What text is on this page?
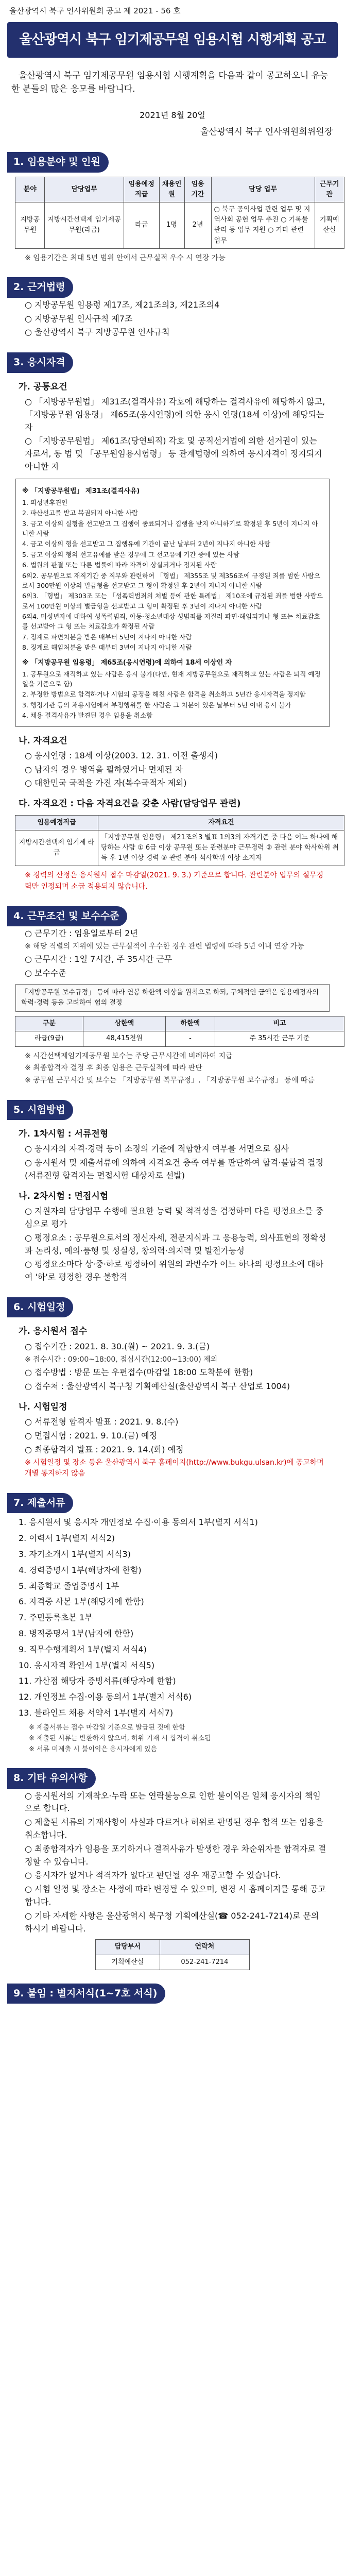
울산광역시 북구 인사위원회 공고 제 2021 - 56 호
울산광역시 북구 임기제공무원 임용시험 시행계획 공고

울산광역시 북구 임기제공무원 임용시험 시행계획을 다음과 같이 공고하오니 유능한 분들의 많은 응모를 바랍니다.

2021년 8월 20일
울산광역시 북구 인사위원회위원장
1. 임용분야 및 인원
분야	담당업무	임용예정 직급	채용인원	임용 기간	담당 업무	근무기관
지방공무원	지방시간선택제 임기제공무원(라급)	라급	1명	2년	○ 북구 공익사업 관련 업무 및 지역사회 공헌 업무 추진 ○ 기록물 관리 등 업무 지원 ○ 기타 관련 업무	기획예산실
※ 임용기간은 최대 5년 범위 안에서 근무실적 우수 시 연장 가능
2. 근거법령
○ 지방공무원 임용령 제17조, 제21조의3, 제21조의4
○ 지방공무원 인사규칙 제7조
○ 울산광역시 북구 지방공무원 인사규칙
3. 응시자격
가. 공통요건
○ 「지방공무원법」 제31조(결격사유) 각호에 해당하는 결격사유에 해당하지 않고, 「지방공무원 임용령」 제65조(응시연령)에 의한 응시 연령(18세 이상)에 해당되는 자
○ 「지방공무원법」 제61조(당연퇴직) 각호 및 공직선거법에 의한 선거권이 있는 자로서, 동 법 및 「공무원임용시험령」 등 관계법령에 의하여 응시자격이 정지되지 아니한 자
※ 「지방공무원법」 제31조(결격사유)
1. 피성년후견인
2. 파산선고를 받고 복권되지 아니한 사람
3. 금고 이상의 실형을 선고받고 그 집행이 종료되거나 집행을 받지 아니하기로 확정된 후 5년이 지나지 아니한 사람
4. 금고 이상의 형을 선고받고 그 집행유예 기간이 끝난 날부터 2년이 지나지 아니한 사람
5. 금고 이상의 형의 선고유예를 받은 경우에 그 선고유예 기간 중에 있는 사람
6. 법원의 판결 또는 다른 법률에 따라 자격이 상실되거나 정지된 사람
6의2. 공무원으로 재직기간 중 직무와 관련하여 「형법」 제355조 및 제356조에 규정된 죄를 범한 사람으로서 300만원 이상의 벌금형을 선고받고 그 형이 확정된 후 2년이 지나지 아니한 사람
6의3. 「형법」 제303조 또는 「성폭력범죄의 처벌 등에 관한 특례법」 제10조에 규정된 죄를 범한 사람으로서 100만원 이상의 벌금형을 선고받고 그 형이 확정된 후 3년이 지나지 아니한 사람
6의4. 미성년자에 대하여 성폭력범죄, 아동·청소년대상 성범죄를 저질러 파면·해임되거나 형 또는 치료감호를 선고받아 그 형 또는 치료감호가 확정된 사람
7. 징계로 파면처분을 받은 때부터 5년이 지나지 아니한 사람
8. 징계로 해임처분을 받은 때부터 3년이 지나지 아니한 사람
※ 「지방공무원 임용령」 제65조(응시연령)에 의하여 18세 이상인 자
1. 공무원으로 재직하고 있는 사람은 응시 불가(다만, 현재 지방공무원으로 재직하고 있는 사람은 퇴직 예정일을 기준으로 함)
2. 부정한 방법으로 합격하거나 시험의 공정을 해친 사람은 합격을 취소하고 5년간 응시자격을 정지함
3. 행정기관 등의 채용시험에서 부정행위를 한 사람은 그 처분이 있은 날부터 5년 이내 응시 불가
4. 채용 결격사유가 발견된 경우 임용을 취소함
나. 자격요건
○ 응시연령 : 18세 이상(2003. 12. 31. 이전 출생자)
○ 남자의 경우 병역을 필하였거나 면제된 자
○ 대한민국 국적을 가진 자(복수국적자 제외)
다. 자격요건 : 다음 자격요건을 갖춘 사람(담당업무 관련)
임용예정직급	자격요건
지방시간선택제 임기제 라급	「지방공무원 임용령」 제21조의3 별표 1의3의 자격기준 중 다음 어느 하나에 해당하는 사람 ① 6급 이상 공무원 또는 관련분야 근무경력 ② 관련 분야 학사학위 취득 후 1년 이상 경력 ③ 관련 분야 석사학위 이상 소지자
※ 경력의 산정은 응시원서 접수 마감일(2021. 9. 3.) 기준으로 합니다. 관련분야 업무의 실무경력만 인정되며 소급 적용되지 않습니다.
4. 근무조건 및 보수수준
○ 근무기간 : 임용일로부터 2년
※ 해당 직렬의 지위에 있는 근무실적이 우수한 경우 관련 법령에 따라 5년 이내 연장 가능
○ 근무시간 : 1일 7시간, 주 35시간 근무
○ 보수수준
「지방공무원 보수규정」 등에 따라 연봉 하한액 이상을 원칙으로 하되, 구체적인 금액은 임용예정자의 학력·경력 등을 고려하여 협의 결정
구분	상한액	하한액	비고
라급(9급)	48,415천원	-	주 35시간 근무 기준
※ 시간선택제임기제공무원 보수는 주당 근무시간에 비례하여 지급
※ 최종합격자 결정 후 최종 임용은 근무실적에 따라 판단
※ 공무원 근무시간 및 보수는 「지방공무원 복무규정」, 「지방공무원 보수규정」 등에 따름
5. 시험방법
가. 1차시험 : 서류전형
○ 응시자의 자격·경력 등이 소정의 기준에 적합한지 여부를 서면으로 심사
○ 응시원서 및 제출서류에 의하여 자격요건 충족 여부를 판단하여 합격·불합격 결정(서류전형 합격자는 면접시험 대상자로 선발)
나. 2차시험 : 면접시험
○ 지원자의 담당업무 수행에 필요한 능력 및 적격성을 검정하며 다음 평정요소를 중심으로 평가
○ 평정요소 : 공무원으로서의 정신자세, 전문지식과 그 응용능력, 의사표현의 정확성과 논리성, 예의·품행 및 성실성, 창의력·의지력 및 발전가능성
○ 평정요소마다 상·중·하로 평정하여 위원의 과반수가 어느 하나의 평정요소에 대하여 '하'로 평정한 경우 불합격
6. 시험일정
가. 응시원서 접수
○ 접수기간 : 2021. 8. 30.(월) ~ 2021. 9. 3.(금)
※ 접수시간 : 09:00~18:00, 점심시간(12:00~13:00) 제외
○ 접수방법 : 방문 또는 우편접수(마감일 18:00 도착분에 한함)
○ 접수처 : 울산광역시 북구청 기획예산실(울산광역시 북구 산업로 1004)
나. 시험일정
○ 서류전형 합격자 발표 : 2021. 9. 8.(수)
○ 면접시험 : 2021. 9. 10.(금) 예정
○ 최종합격자 발표 : 2021. 9. 14.(화) 예정
※ 시험일정 및 장소 등은 울산광역시 북구 홈페이지(http://www.bukgu.ulsan.kr)에 공고하며 개별 통지하지 않음
7. 제출서류
1. 응시원서 및 응시자 개인정보 수집·이용 동의서 1부(별지 서식1)
2. 이력서 1부(별지 서식2)
3. 자기소개서 1부(별지 서식3)
4. 경력증명서 1부(해당자에 한함)
5. 최종학교 졸업증명서 1부
6. 자격증 사본 1부(해당자에 한함)
7. 주민등록초본 1부
8. 병적증명서 1부(남자에 한함)
9. 직무수행계획서 1부(별지 서식4)
10. 응시자격 확인서 1부(별지 서식5)
11. 가산점 해당자 증빙서류(해당자에 한함)
12. 개인정보 수집·이용 동의서 1부(별지 서식6)
13. 블라인드 채용 서약서 1부(별지 서식7)
※ 제출서류는 접수 마감일 기준으로 발급된 것에 한함
※ 제출된 서류는 반환하지 않으며, 허위 기재 시 합격이 취소됨
※ 서류 미제출 시 불이익은 응시자에게 있음
8. 기타 유의사항
○ 응시원서의 기재착오·누락 또는 연락불능으로 인한 불이익은 일체 응시자의 책임으로 합니다.
○ 제출된 서류의 기재사항이 사실과 다르거나 허위로 판명된 경우 합격 또는 임용을 취소합니다.
○ 최종합격자가 임용을 포기하거나 결격사유가 발생한 경우 차순위자를 합격자로 결정할 수 있습니다.
○ 응시자가 없거나 적격자가 없다고 판단될 경우 재공고할 수 있습니다.
○ 시험 일정 및 장소는 사정에 따라 변경될 수 있으며, 변경 시 홈페이지를 통해 공고합니다.
○ 기타 자세한 사항은 울산광역시 북구청 기획예산실(☎ 052-241-7214)로 문의하시기 바랍니다.
담당부서	연락처
기획예산실	052-241-7214
9. 붙임 : 별지서식(1~7호 서식)
